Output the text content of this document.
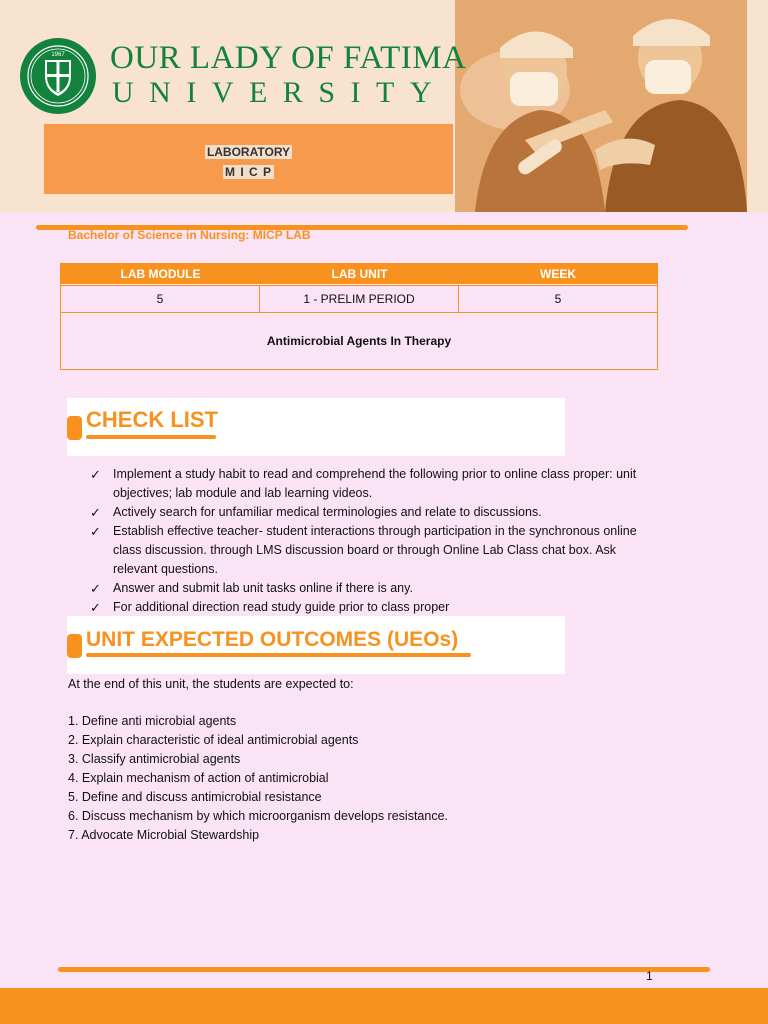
1967 OUR LADY OF FATIMA
UNIVERSITY
LABORATORY
M I C P
Bachelor of Science in Nursing: MICP LAB
LAB MODULE	LAB UNIT	WEEK
5	1 - PRELIM PERIOD	5
Antimicrobial Agents In Therapy
CHECK LIST
✓ Implement a study habit to read and comprehend the following prior to online class proper: unit objectives; lab module and lab learning videos.
✓ Actively search for unfamiliar medical terminologies and relate to discussions.
✓ Establish effective teacher- student interactions through participation in the synchronous online class discussion. through LMS discussion board or through Online Lab Class chat box. Ask relevant questions.
✓ Answer and submit lab unit tasks online if there is any.
✓ For additional direction read study guide prior to class proper
UNIT EXPECTED OUTCOMES (UEOs)
At the end of this unit, the students are expected to:
1. Define anti microbial agents
2. Explain characteristic of ideal antimicrobial agents
3. Classify antimicrobial agents
4. Explain mechanism of action of antimicrobial
5. Define and discuss antimicrobial resistance
6. Discuss mechanism by which microorganism develops resistance.
7. Advocate Microbial Stewardship
1
